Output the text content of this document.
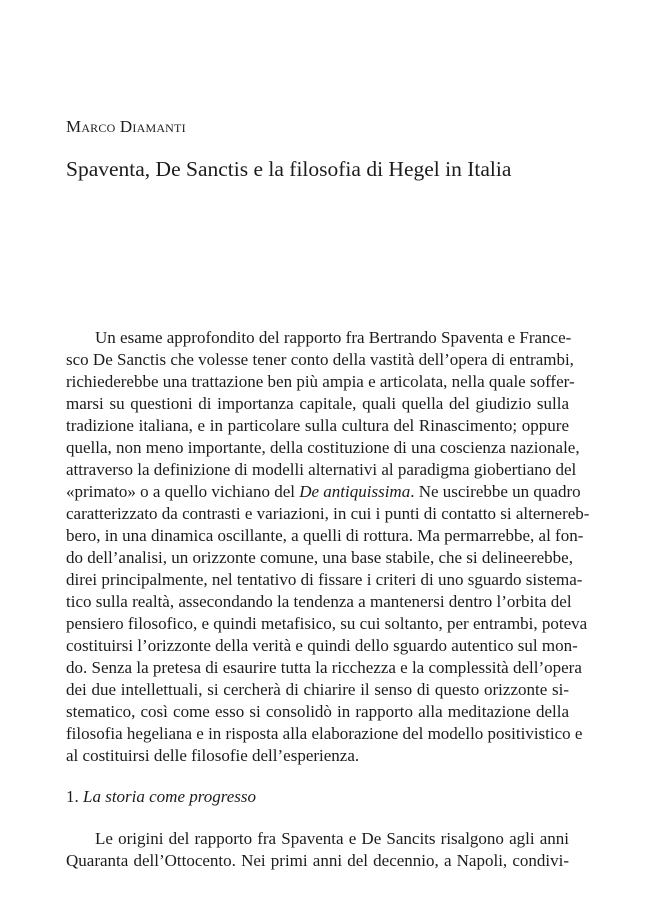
Marco Diamanti
Spaventa, De Sanctis e la filosofia di Hegel in Italia
Un esame approfondito del rapporto fra Bertrando Spaventa e France-
sco De Sanctis che volesse tener conto della vastità dell’opera di entrambi,
richiederebbe una trattazione ben più ampia e articolata, nella quale soffer-
marsi su questioni di importanza capitale, quali quella del giudizio sulla
tradizione italiana, e in particolare sulla cultura del Rinascimento; oppure
quella, non meno importante, della costituzione di una coscienza nazionale,
attraverso la definizione di modelli alternativi al paradigma giobertiano del
«primato» o a quello vichiano del De antiquissima. Ne uscirebbe un quadro
caratterizzato da contrasti e variazioni, in cui i punti di contatto si alternereb-
bero, in una dinamica oscillante, a quelli di rottura. Ma permarrebbe, al fon-
do dell’analisi, un orizzonte comune, una base stabile, che si delineerebbe,
direi principalmente, nel tentativo di fissare i criteri di uno sguardo sistema-
tico sulla realtà, assecondando la tendenza a mantenersi dentro l’orbita del
pensiero filosofico, e quindi metafisico, su cui soltanto, per entrambi, poteva
costituirsi l’orizzonte della verità e quindi dello sguardo autentico sul mon-
do. Senza la pretesa di esaurire tutta la ricchezza e la complessità dell’opera
dei due intellettuali, si cercherà di chiarire il senso di questo orizzonte si-
stematico, così come esso si consolidò in rapporto alla meditazione della
filosofia hegeliana e in risposta alla elaborazione del modello positivistico e
al costituirsi delle filosofie dell’esperienza.
1. La storia come progresso
Le origini del rapporto fra Spaventa e De Sancits risalgono agli anni
Quaranta dell’Ottocento. Nei primi anni del decennio, a Napoli, condivi-
